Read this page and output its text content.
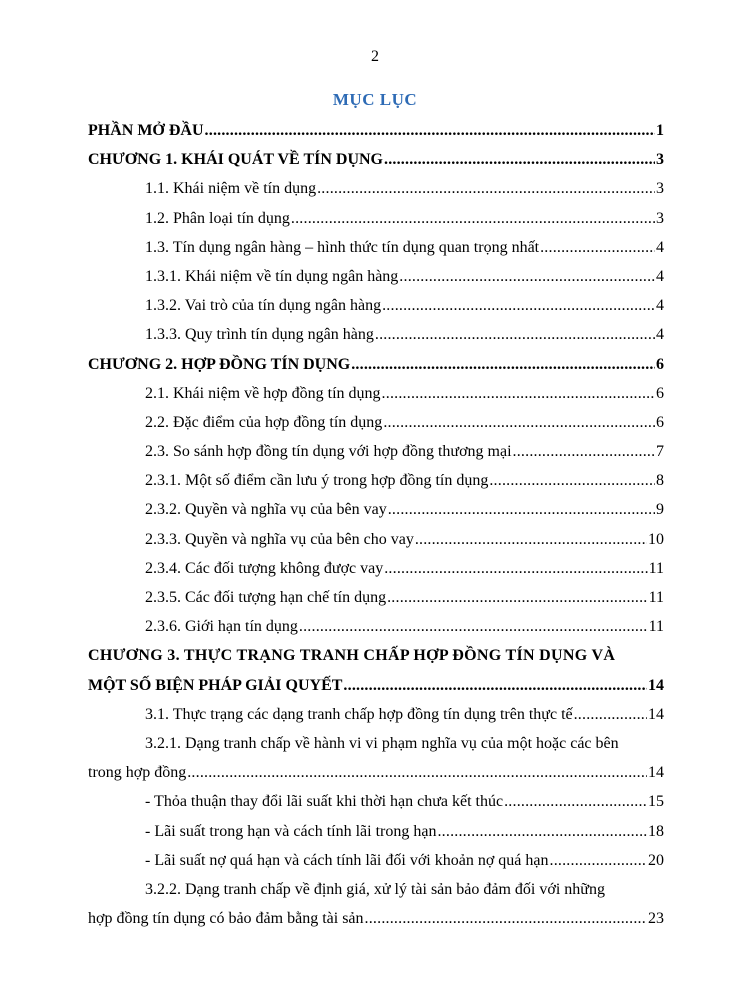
2
MỤC LỤC
PHẦN MỞ ĐẦU .....	1
CHƯƠNG 1. KHÁI QUÁT VỀ TÍN DỤNG .....	3
1.1. Khái niệm về tín dụng .....	3
1.2. Phân loại tín dụng .....	3
1.3. Tín dụng ngân hàng – hình thức tín dụng quan trọng nhất .....	4
1.3.1. Khái niệm về tín dụng ngân hàng .....	4
1.3.2. Vai trò của tín dụng ngân hàng .....	4
1.3.3. Quy trình tín dụng ngân hàng .....	4
CHƯƠNG 2. HỢP ĐỒNG TÍN DỤNG .....	6
2.1. Khái niệm về hợp đồng tín dụng .....	6
2.2. Đặc điểm của hợp đồng tín dụng .....	6
2.3. So sánh hợp đồng tín dụng với hợp đồng thương mại .....	7
2.3.1. Một số điểm cần lưu ý trong hợp đồng tín dụng .....	8
2.3.2. Quyền và nghĩa vụ của bên vay .....	9
2.3.3. Quyền và nghĩa vụ của bên cho vay .....	10
2.3.4. Các đối tượng không được vay .....	11
2.3.5. Các đối tượng hạn chế tín dụng .....	11
2.3.6. Giới hạn tín dụng .....	11
CHƯƠNG 3. THỰC TRẠNG TRANH CHẤP HỢP ĐỒNG TÍN DỤNG VÀ
MỘT SỐ BIỆN PHÁP GIẢI QUYẾT .....	14
3.1. Thực trạng các dạng tranh chấp hợp đồng tín dụng trên thực tế .....	14
3.2.1. Dạng tranh chấp về hành vi vi phạm nghĩa vụ của một hoặc các bên
trong hợp đồng .....	14
- Thỏa thuận thay đổi lãi suất khi thời hạn chưa kết thúc .....	15
- Lãi suất trong hạn và cách tính lãi trong hạn .....	18
- Lãi suất nợ quá hạn và cách tính lãi đối với khoản nợ quá hạn .....	20
3.2.2. Dạng tranh chấp về định giá, xử lý tài sản bảo đảm đối với những
hợp đồng tín dụng có bảo đảm bằng tài sản .....	23
